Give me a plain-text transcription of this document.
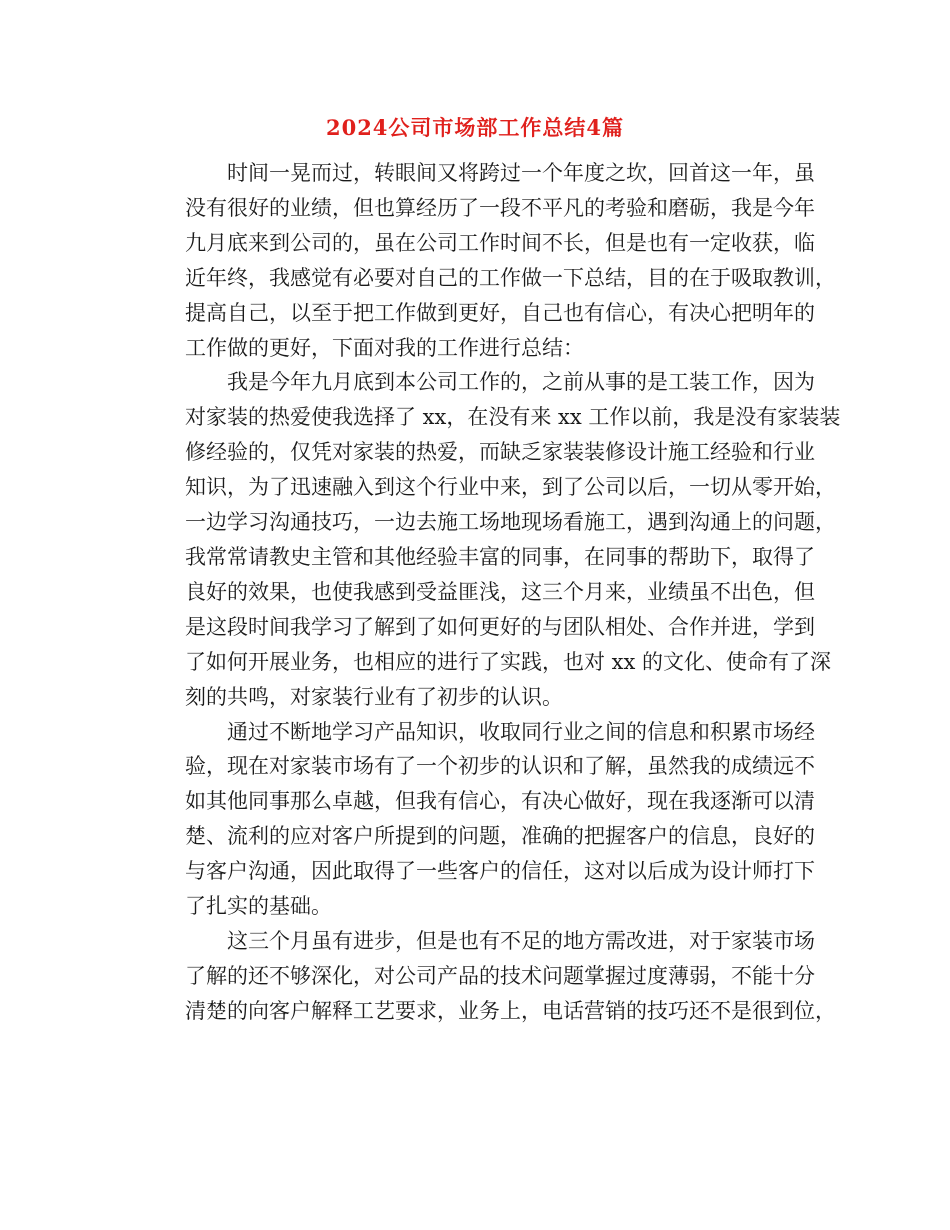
2024公司市场部工作总结4篇
时间一晃而过，转眼间又将跨过一个年度之坎，回首这一年，虽
没有很好的业绩，但也算经历了一段不平凡的考验和磨砺，我是今年
九月底来到公司的，虽在公司工作时间不长，但是也有一定收获，临
近年终，我感觉有必要对自己的工作做一下总结，目的在于吸取教训，
提高自己，以至于把工作做到更好，自己也有信心，有决心把明年的
工作做的更好，下面对我的工作进行总结：
我是今年九月底到本公司工作的，之前从事的是工装工作，因为
对家装的热爱使我选择了 xx，在没有来 xx 工作以前，我是没有家装装
修经验的，仅凭对家装的热爱，而缺乏家装装修设计施工经验和行业
知识，为了迅速融入到这个行业中来，到了公司以后，一切从零开始，
一边学习沟通技巧，一边去施工场地现场看施工，遇到沟通上的问题，
我常常请教史主管和其他经验丰富的同事，在同事的帮助下，取得了
良好的效果，也使我感到受益匪浅，这三个月来，业绩虽不出色，但
是这段时间我学习了解到了如何更好的与团队相处、合作并进，学到
了如何开展业务，也相应的进行了实践，也对 xx 的文化、使命有了深
刻的共鸣，对家装行业有了初步的认识。
通过不断地学习产品知识，收取同行业之间的信息和积累市场经
验，现在对家装市场有了一个初步的认识和了解，虽然我的成绩远不
如其他同事那么卓越，但我有信心，有决心做好，现在我逐渐可以清
楚、流利的应对客户所提到的问题，准确的把握客户的信息，良好的
与客户沟通，因此取得了一些客户的信任，这对以后成为设计师打下
了扎实的基础。
这三个月虽有进步，但是也有不足的地方需改进，对于家装市场
了解的还不够深化，对公司产品的技术问题掌握过度薄弱，不能十分
清楚的向客户解释工艺要求，业务上，电话营销的技巧还不是很到位，
